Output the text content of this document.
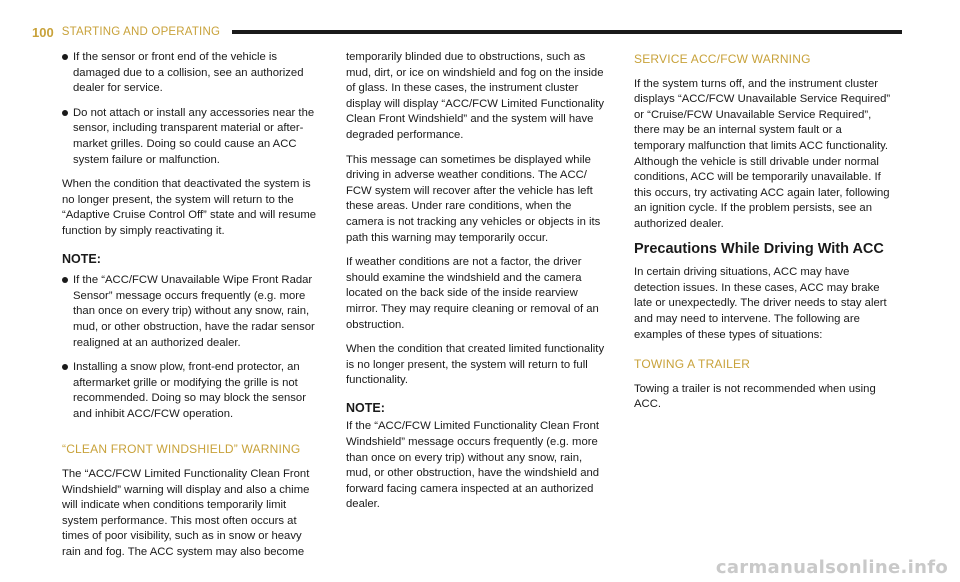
100 STARTING AND OPERATING
If the sensor or front end of the vehicle is damaged due to a collision, see an authorized dealer for service.
Do not attach or install any accessories near the sensor, including transparent material or after-market grilles. Doing so could cause an ACC system failure or malfunction.

When the condition that deactivated the system is no longer present, the system will return to the “Adaptive Cruise Control Off” state and will resume function by simply reactivating it.

NOTE:
If the “ACC/FCW Unavailable Wipe Front Radar Sensor” message occurs frequently (e.g. more than once on every trip) without any snow, rain, mud, or other obstruction, have the radar sensor realigned at an authorized dealer.
Installing a snow plow, front-end protector, an aftermarket grille or modifying the grille is not recommended. Doing so may block the sensor and inhibit ACC/FCW operation.
“CLEAN FRONT WINDSHIELD” WARNING

The “ACC/FCW Limited Functionality Clean Front Windshield” warning will display and also a chime will indicate when conditions temporarily limit system performance. This most often occurs at times of poor visibility, such as in snow or heavy rain and fog. The ACC system may also become

temporarily blinded due to obstructions, such as mud, dirt, or ice on windshield and fog on the inside of glass. In these cases, the instrument cluster display will display “ACC/FCW Limited Functionality Clean Front Windshield” and the system will have degraded performance.

This message can sometimes be displayed while driving in adverse weather conditions. The ACC/ FCW system will recover after the vehicle has left these areas. Under rare conditions, when the camera is not tracking any vehicles or objects in its path this warning may temporarily occur.

If weather conditions are not a factor, the driver should examine the windshield and the camera located on the back side of the inside rearview mirror. They may require cleaning or removal of an obstruction.

When the condition that created limited functionality is no longer present, the system will return to full functionality.

NOTE:

If the “ACC/FCW Limited Functionality Clean Front Windshield” message occurs frequently (e.g. more than once on every trip) without any snow, rain, mud, or other obstruction, have the windshield and forward facing camera inspected at an authorized dealer.

SERVICE ACC/FCW WARNING

If the system turns off, and the instrument cluster displays “ACC/FCW Unavailable Service Required” or “Cruise/FCW Unavailable Service Required”, there may be an internal system fault or a temporary malfunction that limits ACC functionality. Although the vehicle is still drivable under normal conditions, ACC will be temporarily unavailable. If this occurs, try activating ACC again later, following an ignition cycle. If the problem persists, see an authorized dealer.

Precautions While Driving With ACC

In certain driving situations, ACC may have detection issues. In these cases, ACC may brake late or unexpectedly. The driver needs to stay alert and may need to intervene. The following are examples of these types of situations:

TOWING A TRAILER

Towing a trailer is not recommended when using ACC.

carmanualsonline.info
